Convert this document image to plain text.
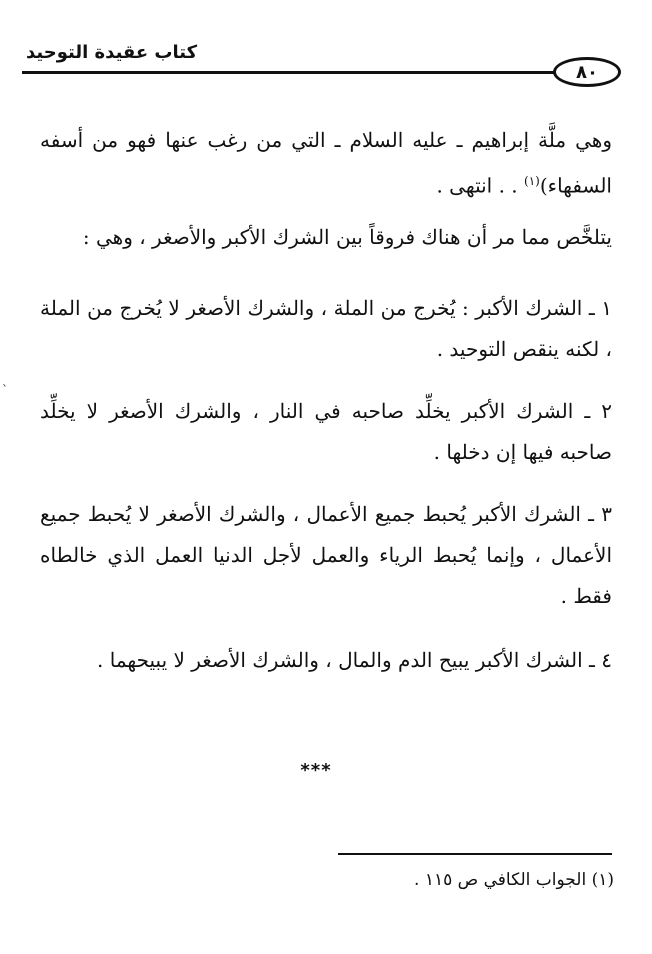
كتاب عقيدة التوحيد
٨٠
وهي ملَّة إبراهيم ـ عليه السلام ـ التي من رغب عنها فهو من أسفه السفهاء)$^{(١)}$ . . انتهى .
يتلخَّص مما مر أن هناك فروقاً بين الشرك الأكبر والأصغر ، وهي :
١ ـ الشرك الأكبر : يُخرج من الملة ، والشرك الأصغر لا يُخرج من الملة ، لكنه ينقص التوحيد .
٢ ـ الشرك الأكبر يخلِّد صاحبه في النار ، والشرك الأصغر لا يخلِّد صاحبه فيها إن دخلها .
٣ ـ الشرك الأكبر يُحبط جميع الأعمال ، والشرك الأصغر لا يُحبط جميع الأعمال ، وإنما يُحبط الرياء والعمل لأجل الدنيا العمل الذي خالطاه فقط .
٤ ـ الشرك الأكبر يبيح الدم والمال ، والشرك الأصغر لا يبيحهما .
***
(١) الجواب الكافي ص ١١٥ .
ˋ
